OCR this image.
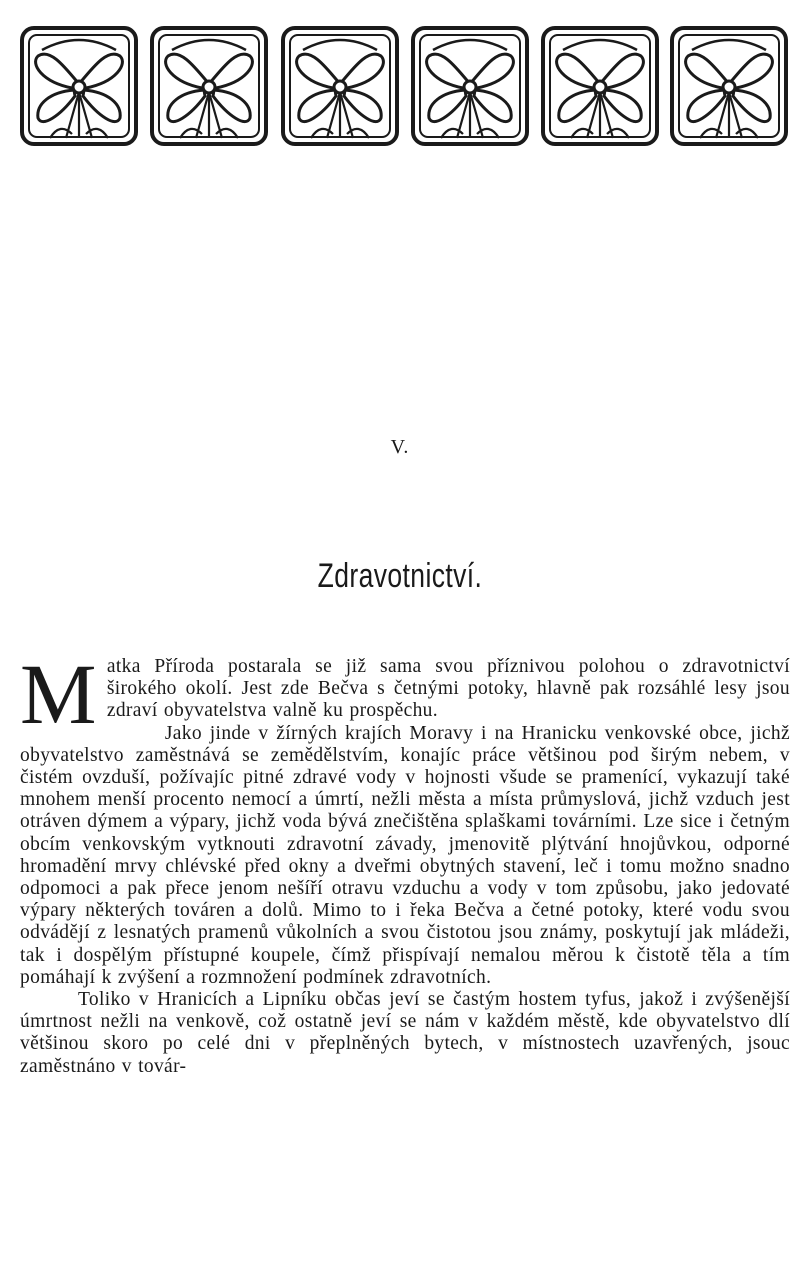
V.
Zdravotnictví.

Matka Příroda postarala se již sama svou příznivou polohou o zdravotnictví širokého okolí. Jest zde Bečva s četnými potoky, hlavně pak rozsáhlé lesy jsou zdraví obyvatelstva valně ku prospěchu.

Jako jinde v žírných krajích Moravy i na Hranicku venkovské obce, jichž obyvatelstvo zaměstnává se zemědělstvím, konajíc práce většinou pod širým nebem, v čistém ovzduší, požívajíc pitné zdravé vody v hojnosti všude se pramenící, vykazují také mnohem menší procento nemocí a úmrtí, nežli města a místa průmyslová, jichž vzduch jest otráven dýmem a výpary, jichž voda bývá znečištěna splaškami továrními. Lze sice i četným obcím venkovským vytknouti zdravotní závady, jmenovitě plýtvání hnojůvkou, odporné hromadění mrvy chlévské před okny a dveřmi obytných stavení, leč i tomu možno snadno odpomoci a pak přece jenom nešíří otravu vzduchu a vody v tom způsobu, jako jedovaté výpary některých továren a dolů. Mimo to i řeka Bečva a četné potoky, které vodu svou odvádějí z lesnatých pramenů vůkolních a svou čistotou jsou známy, poskytují jak mládeži, tak i dospělým přístupné koupele, čímž přispívají nemalou měrou k čistotě těla a tím pomáhají k zvýšení a rozmnožení podmínek zdravotních.

Toliko v Hranicích a Lipníku občas jeví se častým hostem tyfus, jakož i zvýšenější úmrtnost nežli na venkově, což ostatně jeví se nám v každém městě, kde obyvatelstvo dlí většinou skoro po celé dni v přeplněných bytech, v místnostech uzavřených, jsouc zaměstnáno v továr-
